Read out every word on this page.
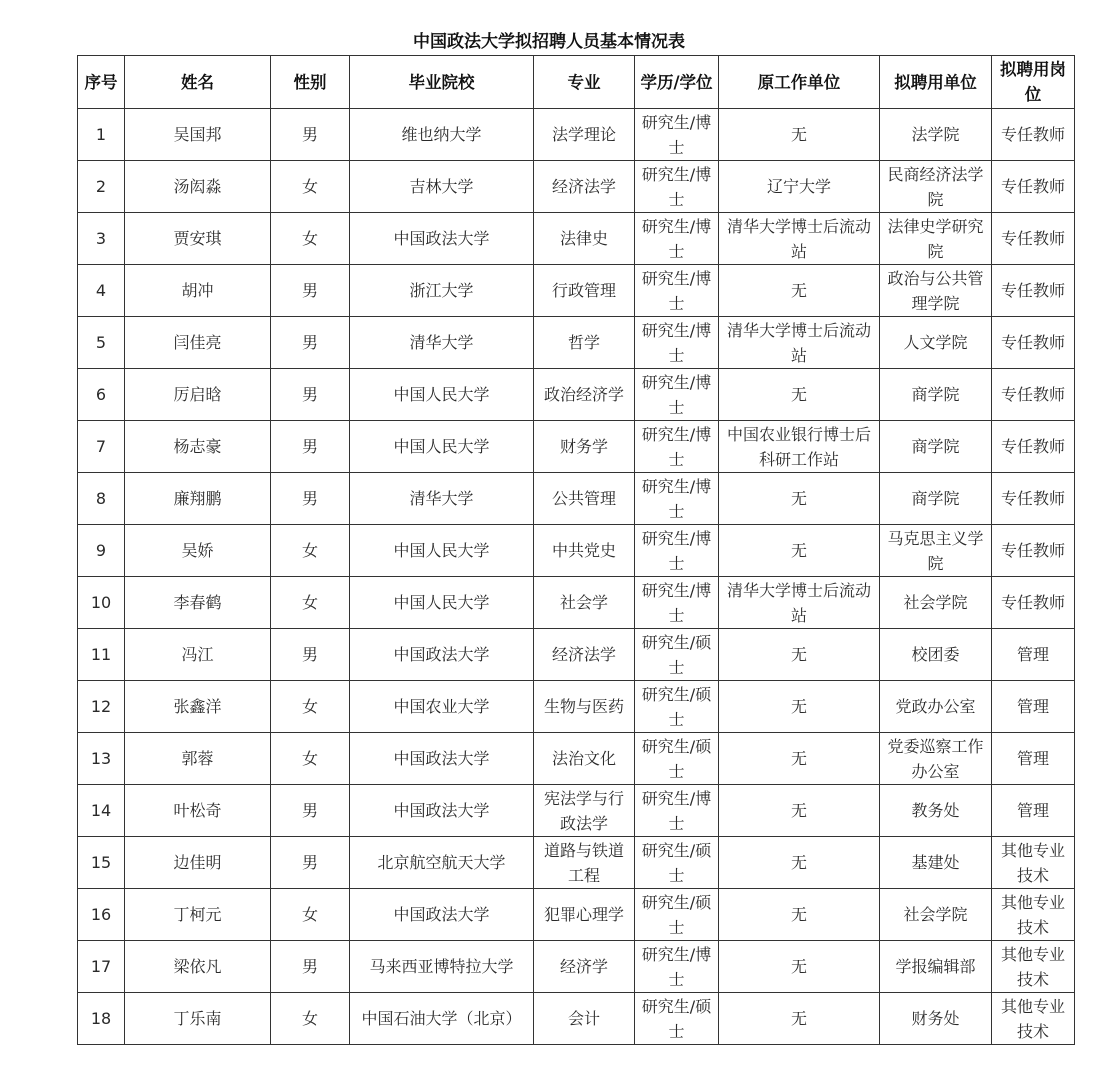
中国政法大学拟招聘人员基本情况表
序号	姓名	性别	毕业院校	专业	学历/学位	原工作单位	拟聘用单位	拟聘用岗位
1	吴国邦	男	维也纳大学	法学理论	研究生/博士	无	法学院	专任教师
2	汤闳淼	女	吉林大学	经济法学	研究生/博士	辽宁大学	民商经济法学院	专任教师
3	贾安琪	女	中国政法大学	法律史	研究生/博士	清华大学博士后流动站	法律史学研究院	专任教师
4	胡冲	男	浙江大学	行政管理	研究生/博士	无	政治与公共管理学院	专任教师
5	闫佳亮	男	清华大学	哲学	研究生/博士	清华大学博士后流动站	人文学院	专任教师
6	厉启晗	男	中国人民大学	政治经济学	研究生/博士	无	商学院	专任教师
7	杨志豪	男	中国人民大学	财务学	研究生/博士	中国农业银行博士后科研工作站	商学院	专任教师
8	廉翔鹏	男	清华大学	公共管理	研究生/博士	无	商学院	专任教师
9	吴娇	女	中国人民大学	中共党史	研究生/博士	无	马克思主义学院	专任教师
10	李春鹤	女	中国人民大学	社会学	研究生/博士	清华大学博士后流动站	社会学院	专任教师
11	冯江	男	中国政法大学	经济法学	研究生/硕士	无	校团委	管理
12	张鑫洋	女	中国农业大学	生物与医药	研究生/硕士	无	党政办公室	管理
13	郭蓉	女	中国政法大学	法治文化	研究生/硕士	无	党委巡察工作办公室	管理
14	叶松奇	男	中国政法大学	宪法学与行政法学	研究生/博士	无	教务处	管理
15	边佳明	男	北京航空航天大学	道路与铁道工程	研究生/硕士	无	基建处	其他专业技术
16	丁柯元	女	中国政法大学	犯罪心理学	研究生/硕士	无	社会学院	其他专业技术
17	梁依凡	男	马来西亚博特拉大学	经济学	研究生/博士	无	学报编辑部	其他专业技术
18	丁乐南	女	中国石油大学（北京）	会计	研究生/硕士	无	财务处	其他专业技术
